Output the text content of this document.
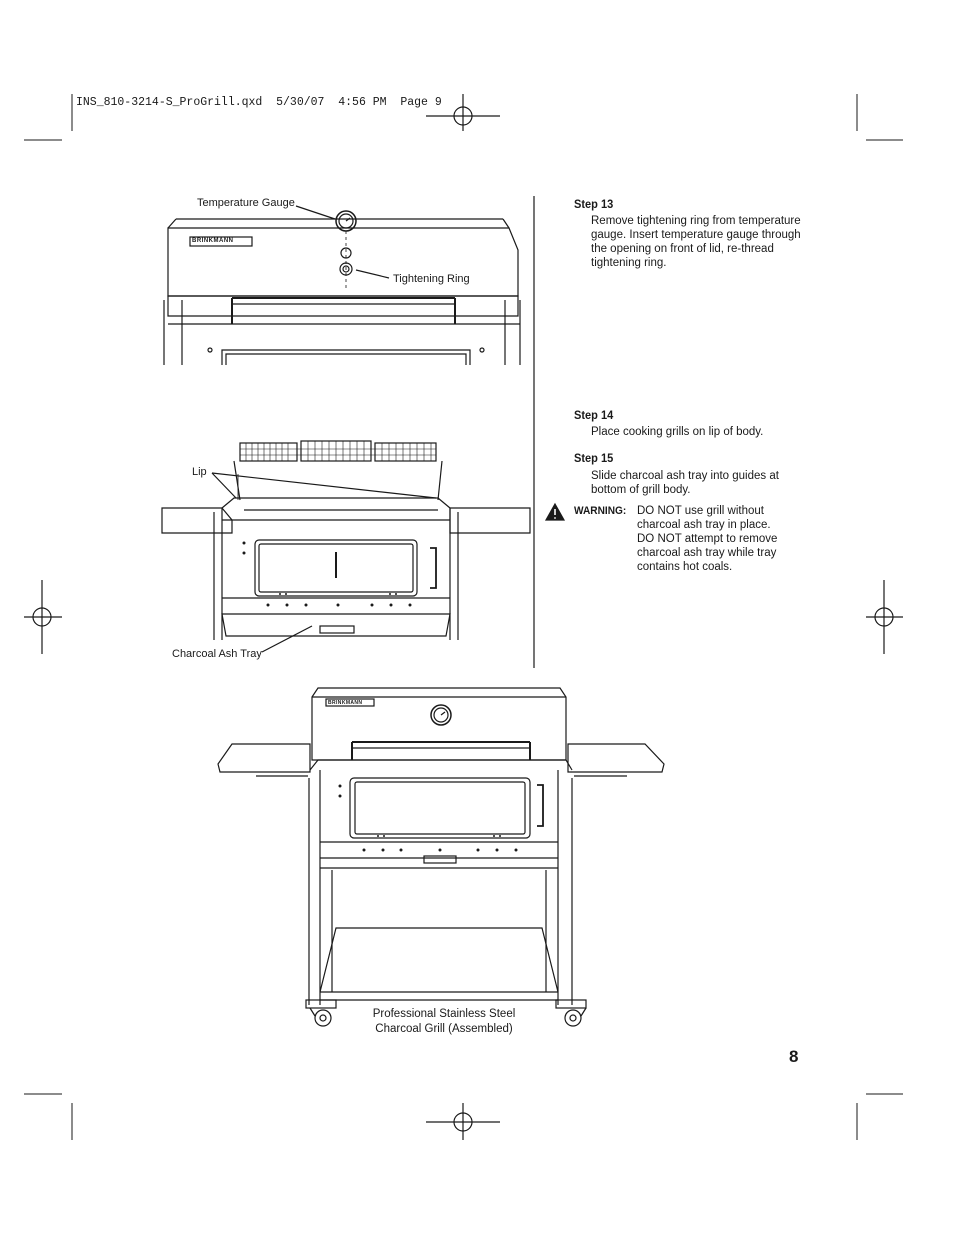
INS_810-3214-S_ProGrill.qxd  5/30/07  4:56 PM  Page 9
Temperature Gauge
Tightening Ring
BRINKMANN
Lip
Charcoal Ash Tray
BRINKMANN
Professional Stainless Steel
Charcoal Grill (Assembled)
Step 13
Remove tightening ring from temperature gauge. Insert temperature gauge through the opening on front of lid, re-thread tightening ring.
Step 14
Place cooking grills on lip of body.
Step 15
Slide charcoal ash tray into guides at bottom of grill body.
WARNING: DO NOT use grill without charcoal ash tray in place. DO NOT attempt to remove charcoal ash tray while tray contains hot coals.
8
